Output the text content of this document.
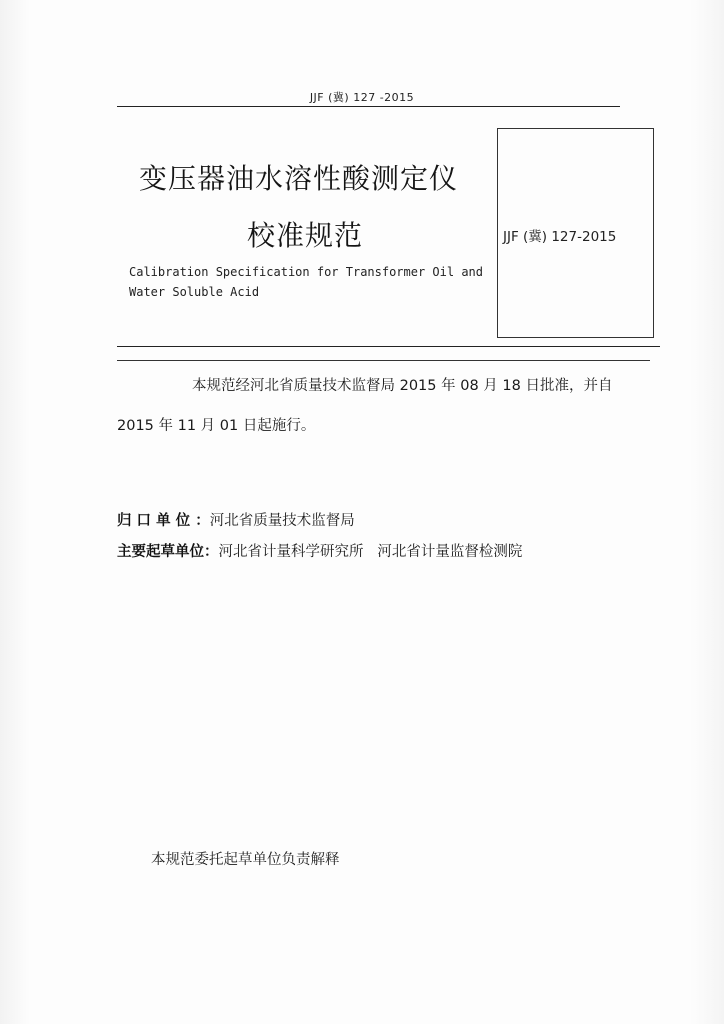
JJF (冀) 127 -2015
变压器油水溶性酸测定仪
校准规范
Calibration Specification for Transformer Oil and
Water Soluble Acid
JJF (冀) 127-2015
本规范经河北省质量技术监督局 2015 年 08 月 18 日批准，并自
2015 年 11 月 01 日起施行。
归 口 单 位 ：河北省质量技术监督局
主要起草单位：河北省计量科学研究所   河北省计量监督检测院
本规范委托起草单位负责解释
